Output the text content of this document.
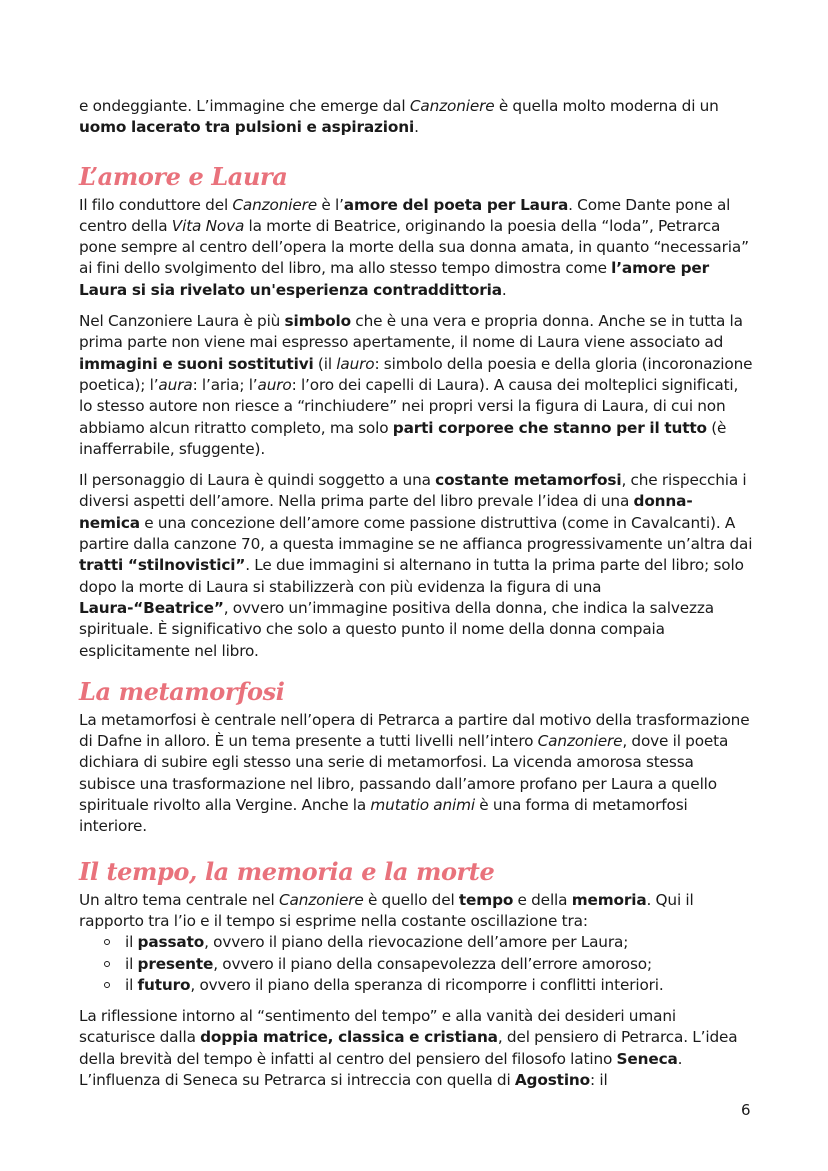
e ondeggiante. L’immagine che emerge dal Canzoniere è quella molto moderna di un uomo lacerato tra pulsioni e aspirazioni.

L’amore e Laura

Il filo conduttore del Canzoniere è l’amore del poeta per Laura. Come Dante pone al centro della Vita Nova la morte di Beatrice, originando la poesia della “loda”, Petrarca pone sempre al centro dell’opera la morte della sua donna amata, in quanto “necessaria” ai fini dello svolgimento del libro, ma allo stesso tempo dimostra come l’amore per Laura si sia rivelato un'esperienza contraddittoria.

Nel Canzoniere Laura è più simbolo che è una vera e propria donna. Anche se in tutta la prima parte non viene mai espresso apertamente, il nome di Laura viene associato ad immagini e suoni sostitutivi (il lauro: simbolo della poesia e della gloria (incoronazione poetica); l’aura: l’aria; l’auro: l’oro dei capelli di Laura). A causa dei molteplici significati, lo stesso autore non riesce a “rinchiudere” nei propri versi la figura di Laura, di cui non abbiamo alcun ritratto completo, ma solo parti corporee che stanno per il tutto (è inafferrabile, sfuggente).

Il personaggio di Laura è quindi soggetto a una costante metamorfosi, che rispecchia i diversi aspetti dell’amore. Nella prima parte del libro prevale l’idea di una donna-nemica e una concezione dell’amore come passione distruttiva (come in Cavalcanti). A partire dalla canzone 70, a questa immagine se ne affianca progressivamente un’altra dai tratti “stilnovistici”. Le due immagini si alternano in tutta la prima parte del libro; solo dopo la morte di Laura si stabilizzerà con più evidenza la figura di una Laura-“Beatrice”, ovvero un’immagine positiva della donna, che indica la salvezza spirituale. È significativo che solo a questo punto il nome della donna compaia esplicitamente nel libro.

La metamorfosi

La metamorfosi è centrale nell’opera di Petrarca a partire dal motivo della trasformazione di Dafne in alloro. È un tema presente a tutti livelli nell’intero Canzoniere, dove il poeta dichiara di subire egli stesso una serie di metamorfosi. La vicenda amorosa stessa subisce una trasformazione nel libro, passando dall’amore profano per Laura a quello spirituale rivolto alla Vergine. Anche la mutatio animi è una forma di metamorfosi interiore.

Il tempo, la memoria e la morte

Un altro tema centrale nel Canzoniere è quello del tempo e della memoria. Qui il rapporto tra l’io e il tempo si esprime nella costante oscillazione tra:

il passato, ovvero il piano della rievocazione dell’amore per Laura;
il presente, ovvero il piano della consapevolezza dell’errore amoroso;
il futuro, ovvero il piano della speranza di ricomporre i conflitti interiori.

La riflessione intorno al “sentimento del tempo” e alla vanità dei desideri umani scaturisce dalla doppia matrice, classica e cristiana, del pensiero di Petrarca. L’idea della brevità del tempo è infatti al centro del pensiero del filosofo latino Seneca. L’influenza di Seneca su Petrarca si intreccia con quella di Agostino: il

6
